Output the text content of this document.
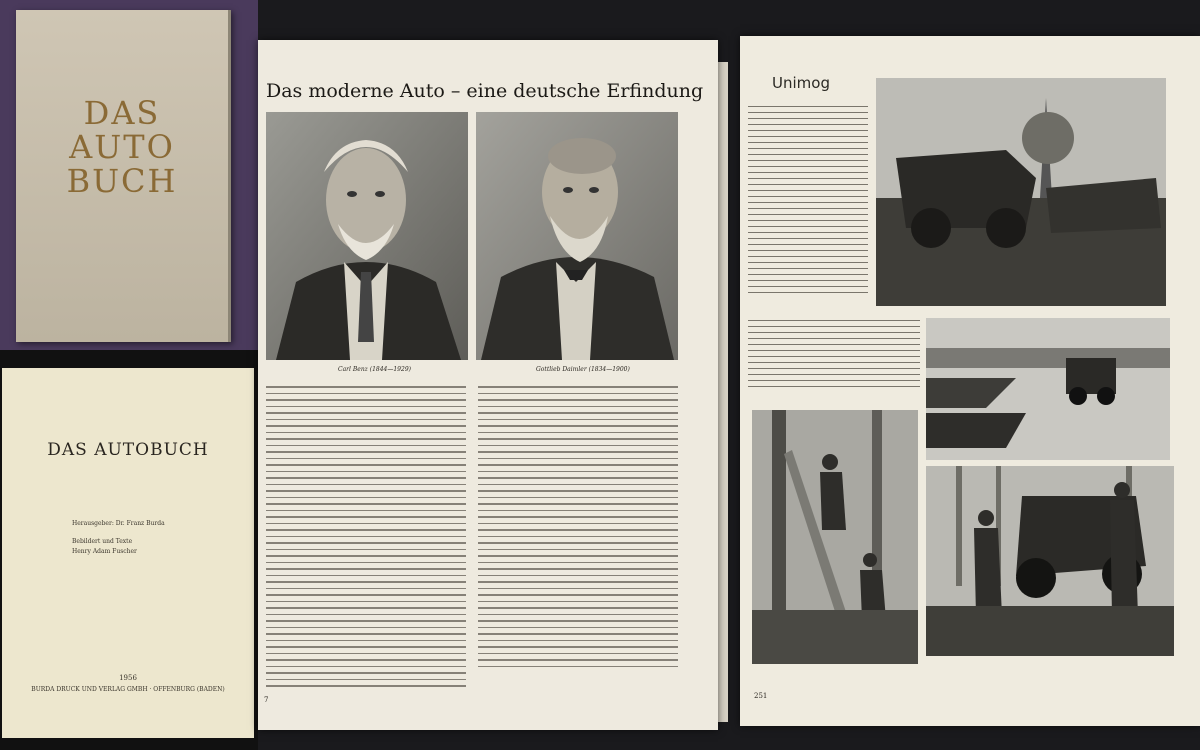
DAS
AUTO
BUCH
DAS AUTOBUCH
Herausgeber: Dr. Franz Burda
Bebildert und Texte
Henry Adam Fuscher
1956
BURDA DRUCK UND VERLAG GMBH · OFFENBURG (BADEN)
Das moderne Auto – eine deutsche Erfindung
Carl Benz (1844—1929)	Gottlieb Daimler (1834—1900)
7
Unimog
251
